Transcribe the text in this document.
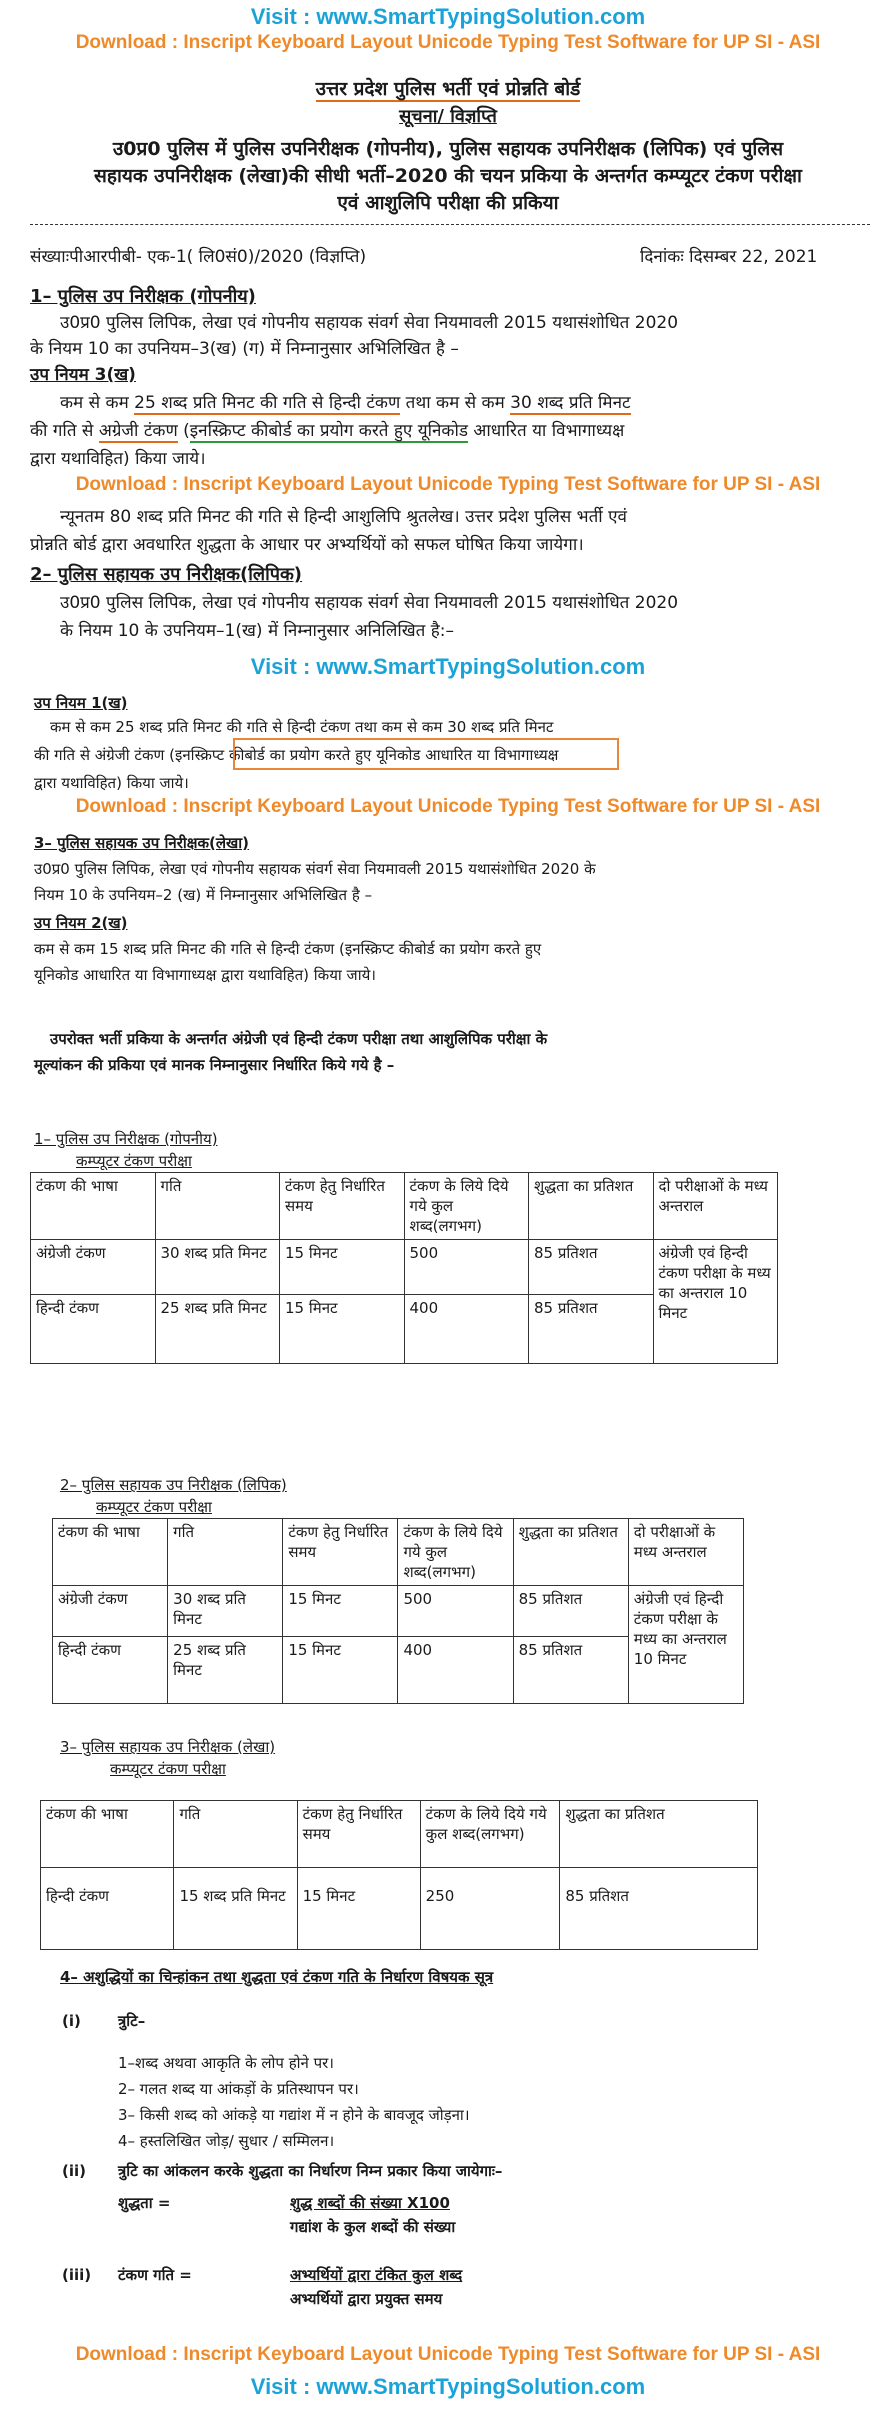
Visit : www.SmartTypingSolution.com
Download : Inscript Keyboard Layout Unicode Typing Test Software for UP SI - ASI
उत्तर प्रदेश पुलिस भर्ती एवं प्रोन्नति बोर्ड
सूचना/ विज्ञप्ति
उ0प्र0 पुलिस में पुलिस उपनिरीक्षक (गोपनीय), पुलिस सहायक उपनिरीक्षक (लिपिक) एवं पुलिस
सहायक उपनिरीक्षक (लेखा)की सीधी भर्ती–2020 की चयन प्रकिया के अन्तर्गत कम्प्यूटर टंकण परीक्षा
एवं आशुलिपि परीक्षा की प्रकिया
संख्याःपीआरपीबी- एक-1( लि0सं0)/2020 (विज्ञप्ति)	दिनांकः दिसम्बर 22, 2021
1– पुलिस उप निरीक्षक (गोपनीय)
उ0प्र0 पुलिस लिपिक, लेखा एवं गोपनीय सहायक संवर्ग सेवा नियमावली 2015 यथासंशोधित 2020
के नियम 10 का उपनियम–3(ख) (ग) में निम्नानुसार अभिलिखित है –
उप नियम 3(ख)
कम से कम 25 शब्द प्रति मिनट की गति से हिन्दी टंकण तथा कम से कम 30 शब्द प्रति मिनट
की गति से अग्रेजी टंकण (इनस्क्रिप्ट कीबोर्ड का प्रयोग करते हुए यूनिकोड आधारित या विभागाध्यक्ष
द्वारा यथाविहित) किया जाये।
Download : Inscript Keyboard Layout Unicode Typing Test Software for UP SI - ASI
न्यूनतम 80 शब्द प्रति मिनट की गति से हिन्दी आशुलिपि श्रुतलेख। उत्तर प्रदेश पुलिस भर्ती एवं
प्रोन्नति बोर्ड द्वारा अवधारित शुद्धता के आधार पर अभ्यर्थियों को सफल घोषित किया जायेगा।
2– पुलिस सहायक उप निरीक्षक(लिपिक)
उ0प्र0 पुलिस लिपिक, लेखा एवं गोपनीय सहायक संवर्ग सेवा नियमावली 2015 यथासंशोधित 2020
के नियम 10 के उपनियम–1(ख) में निम्नानुसार अनिलिखित है:–
Visit : www.SmartTypingSolution.com
उप नियम 1(ख)
कम से कम 25 शब्द प्रति मिनट की गति से हिन्दी टंकण तथा कम से कम 30 शब्द प्रति मिनट
की गति से अंग्रेजी टंकण (इनस्क्रिप्ट कीबोर्ड का प्रयोग करते हुए यूनिकोड आधारित या विभागाध्यक्ष
द्वारा यथाविहित) किया जाये।
Download : Inscript Keyboard Layout Unicode Typing Test Software for UP SI - ASI
3– पुलिस सहायक उप निरीक्षक(लेखा)
उ0प्र0 पुलिस लिपिक, लेखा एवं गोपनीय सहायक संवर्ग सेवा नियमावली 2015 यथासंशोधित 2020 के
नियम 10 के उपनियम–2 (ख) में निम्नानुसार अभिलिखित है –
उप नियम 2(ख)
कम से कम 15 शब्द प्रति मिनट की गति से हिन्दी टंकण (इनस्क्रिप्ट कीबोर्ड का प्रयोग करते हुए
यूनिकोड आधारित या विभागाध्यक्ष द्वारा यथाविहित) किया जाये।
उपरोक्त भर्ती प्रकिया के अन्तर्गत अंग्रेजी एवं हिन्दी टंकण परीक्षा तथा आशुलिपिक परीक्षा के
मूल्यांकन की प्रकिया एवं मानक निम्नानुसार निर्धारित किये गये है –
1– पुलिस उप निरीक्षक (गोपनीय)
कम्प्यूटर टंकण परीक्षा
टंकण की भाषा	गति	टंकण हेतु निर्धारित समय	टंकण के लिये दिये गये कुल शब्द(लगभग)	शुद्धता का प्रतिशत	दो परीक्षाओं के मध्य अन्तराल
अंग्रेजी टंकण	30 शब्द प्रति मिनट	15 मिनट	500	85 प्रतिशत	अंग्रेजी एवं हिन्दी टंकण परीक्षा के मध्य का अन्तराल 10 मिनट
हिन्दी टंकण	25 शब्द प्रति मिनट	15 मिनट	400	85 प्रतिशत	
2– पुलिस सहायक उप निरीक्षक (लिपिक)
कम्प्यूटर टंकण परीक्षा
टंकण की भाषा	गति	टंकण हेतु निर्धारित समय	टंकण के लिये दिये गये कुल शब्द(लगभग)	शुद्धता का प्रतिशत	दो परीक्षाओं के मध्य अन्तराल
अंग्रेजी टंकण	30 शब्द प्रति मिनट	15 मिनट	500	85 प्रतिशत	अंग्रेजी एवं हिन्दी टंकण परीक्षा के मध्य का अन्तराल 10 मिनट
हिन्दी टंकण	25 शब्द प्रति मिनट	15 मिनट	400	85 प्रतिशत	
3– पुलिस सहायक उप निरीक्षक (लेखा)
कम्प्यूटर टंकण परीक्षा
टंकण की भाषा	गति	टंकण हेतु निर्धारित समय	टंकण के लिये दिये गये कुल शब्द(लगभग)	शुद्धता का प्रतिशत
हिन्दी टंकण	15 शब्द प्रति मिनट	15 मिनट	250	85 प्रतिशत
4– अशुद्धियों का चिन्हांकन तथा शुद्धता एवं टंकण गति के निर्धारण विषयक सूत्र
(i)	त्रुटि–
1–शब्द अथवा आकृति के लोप होने पर।
2– गलत शब्द या आंकड़ों के प्रतिस्थापन पर।
3– किसी शब्द को आंकड़े या गद्यांश में न होने के बावजूद जोड़ना।
4– हस्तलिखित जोड़/ सुधार / सम्मिलन।
(ii)	त्रुटि का आंकलन करके शुद्धता का निर्धारण निम्न प्रकार किया जायेगाः–
शुद्धता =	शुद्ध शब्दों की संख्या X100
गद्यांश के कुल शब्दों की संख्या
(iii)	टंकण गति =	अभ्यर्थियों द्वारा टंकित कुल शब्द
अभ्यर्थियों द्वारा प्रयुक्त समय
Download : Inscript Keyboard Layout Unicode Typing Test Software for UP SI - ASI
Visit : www.SmartTypingSolution.com
